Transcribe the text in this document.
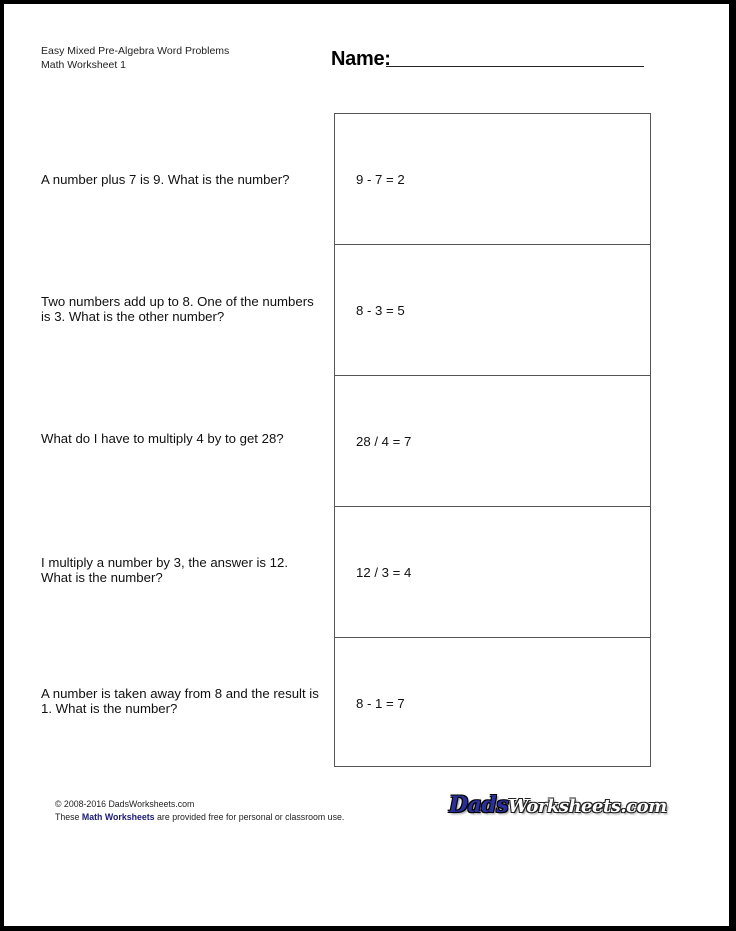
Easy Mixed Pre-Algebra Word Problems
Math Worksheet 1	Name:
A number plus 7 is 9. What is the number?
Two numbers add up to 8. One of the numbers
is 3. What is the other number?
What do I have to multiply 4 by to get 28?
I multiply a number by 3, the answer is 12.
What is the number?
A number is taken away from 8 and the result is
1. What is the number?
9 - 7 = 2
8 - 3 = 5
28 / 4 = 7
12 / 3 = 4
8 - 1 = 7
© 2008-2016 DadsWorksheets.com
These Math Worksheets are provided free for personal or classroom use.	DadsWorksheets.com
